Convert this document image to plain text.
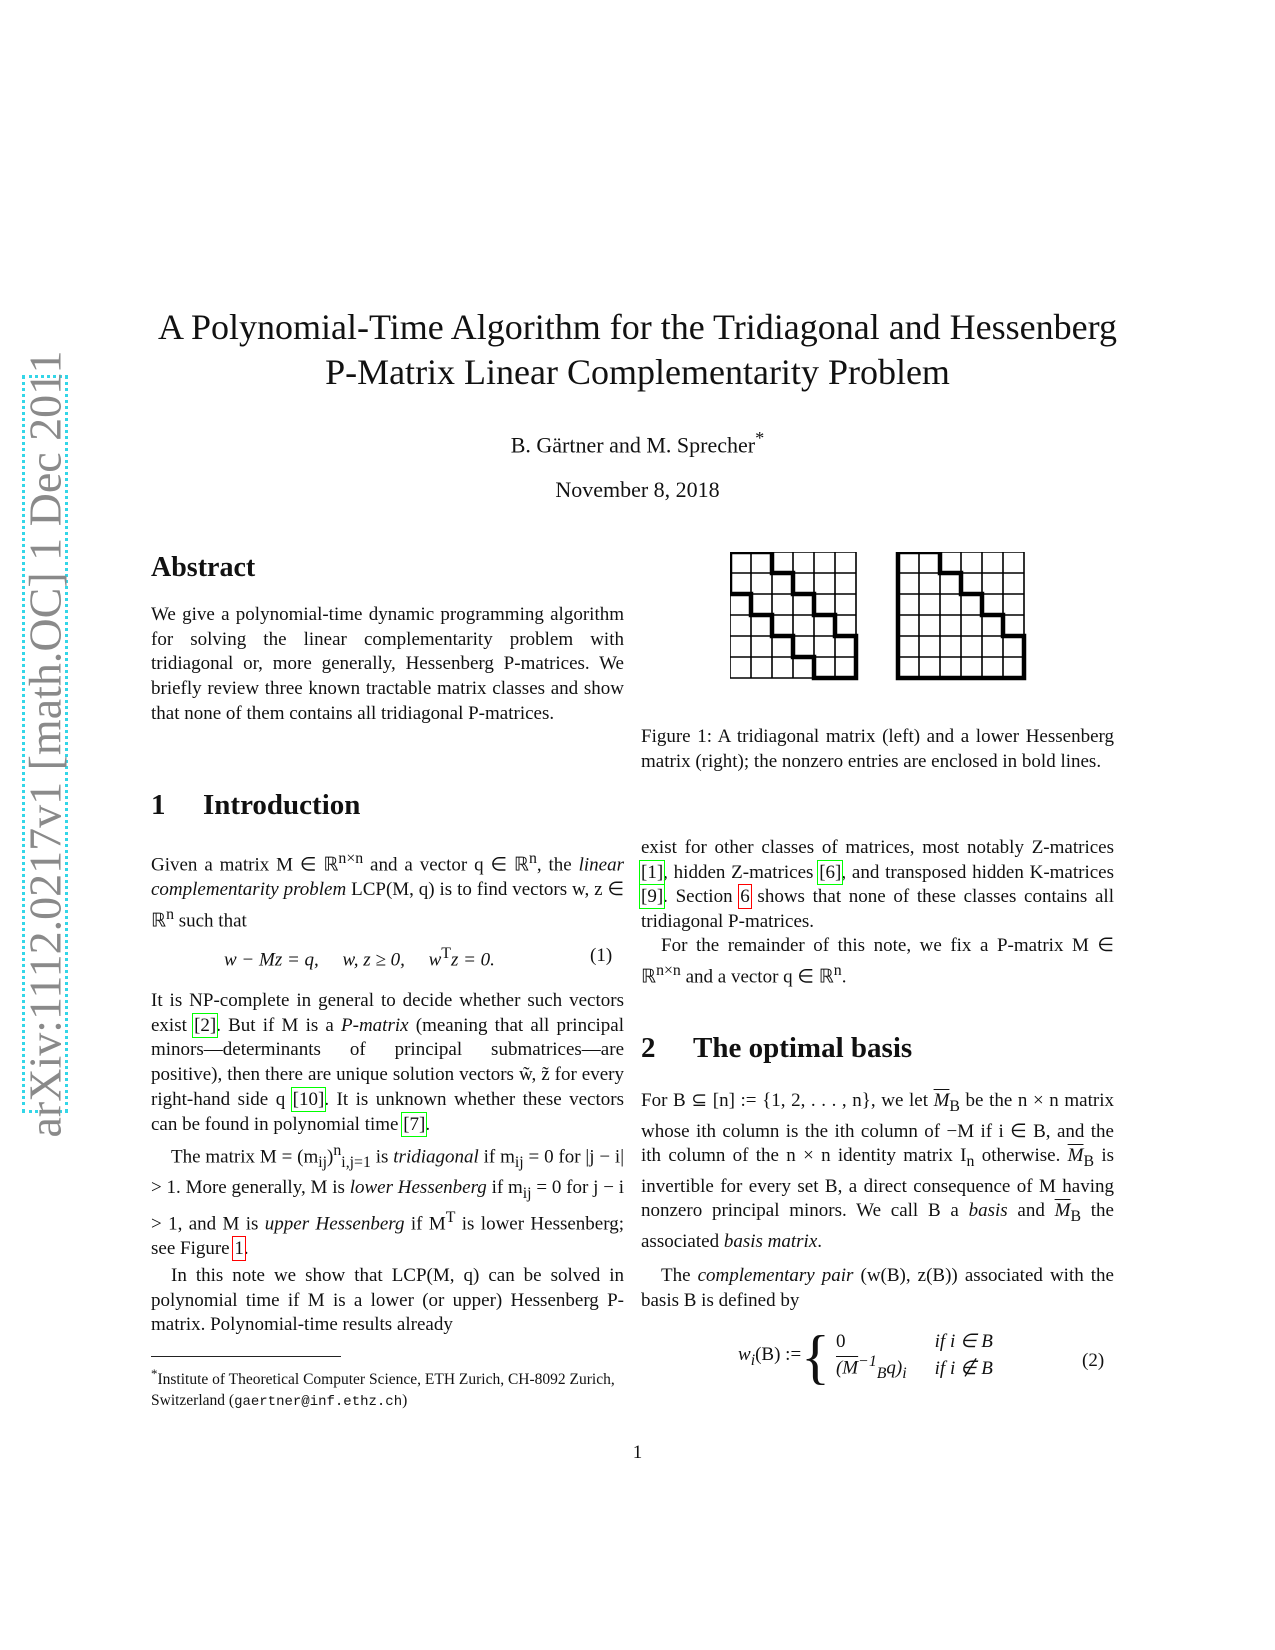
arXiv:1112.0217v1 [math.OC] 1 Dec 2011
A Polynomial-Time Algorithm for the Tridiagonal and Hessenberg
P-Matrix Linear Complementarity Problem
B. Gärtner and M. Sprecher*
November 8, 2018
Abstract
We give a polynomial-time dynamic programming algorithm for solving the linear complementarity problem with tridiagonal or, more generally, Hessenberg P-matrices. We briefly review three known tractable matrix classes and show that none of them contains all tridiagonal P-matrices.
Figure 1: A tridiagonal matrix (left) and a lower Hessenberg matrix (right); the nonzero entries are enclosed in bold lines.
1 Introduction
Given a matrix M ∈ ℝ$^{n\times n}$ and a vector q ∈ ℝ$^n$, the linear complementarity problem LCP(M, q) is to find vectors w, z ∈ ℝ$^n$ such that
w − Mz = q,     w, z ≥ 0,     $w^Tz = 0$.	(1)
It is NP-complete in general to decide whether such vectors exist [2]. But if M is a P-matrix (meaning that all principal minors—determinants of principal submatrices—are positive), then there are unique solution vectors w̃, z̃ for every right-hand side q [10]. It is unknown whether these vectors can be found in polynomial time [7].
The matrix $M = (m_{ij})^n_{i,j=1}$ is tridiagonal if $m_{ij} = 0$ for |j − i| > 1. More generally, M is lower Hessenberg if $m_{ij} = 0$ for j − i > 1, and M is upper Hessenberg if $M^T$ is lower Hessenberg; see Figure 1.
In this note we show that LCP(M, q) can be solved in polynomial time if M is a lower (or upper) Hessenberg P-matrix. Polynomial-time results already
*Institute of Theoretical Computer Science, ETH Zurich, CH-8092 Zurich, Switzerland (gaertner@inf.ethz.ch)
exist for other classes of matrices, most notably Z-matrices [1], hidden Z-matrices [6], and transposed hidden K-matrices [9]. Section 6 shows that none of these classes contains all tridiagonal P-matrices.
For the remainder of this note, we fix a P-matrix M ∈ ℝ$^{n\times n}$ and a vector q ∈ ℝ$^n$.
2 The optimal basis
For B ⊆ [n] := {1, 2, . . . , n}, we let $\overline{M}_B$ be the n × n matrix whose ith column is the ith column of −M if i ∈ B, and the ith column of the n × n identity matrix $I_n$ otherwise. $\overline{M}_B$ is invertible for every set B, a direct consequence of M having nonzero principal minors. We call B a basis and $\overline{M}_B$ the associated basis matrix.
The complementary pair (w(B), z(B)) associated with the basis B is defined by
$w_i(B)$ := { 0	if i ∈ B
$(M^{-1}_Bq)_i$	if i ∉ B	(2)
1
